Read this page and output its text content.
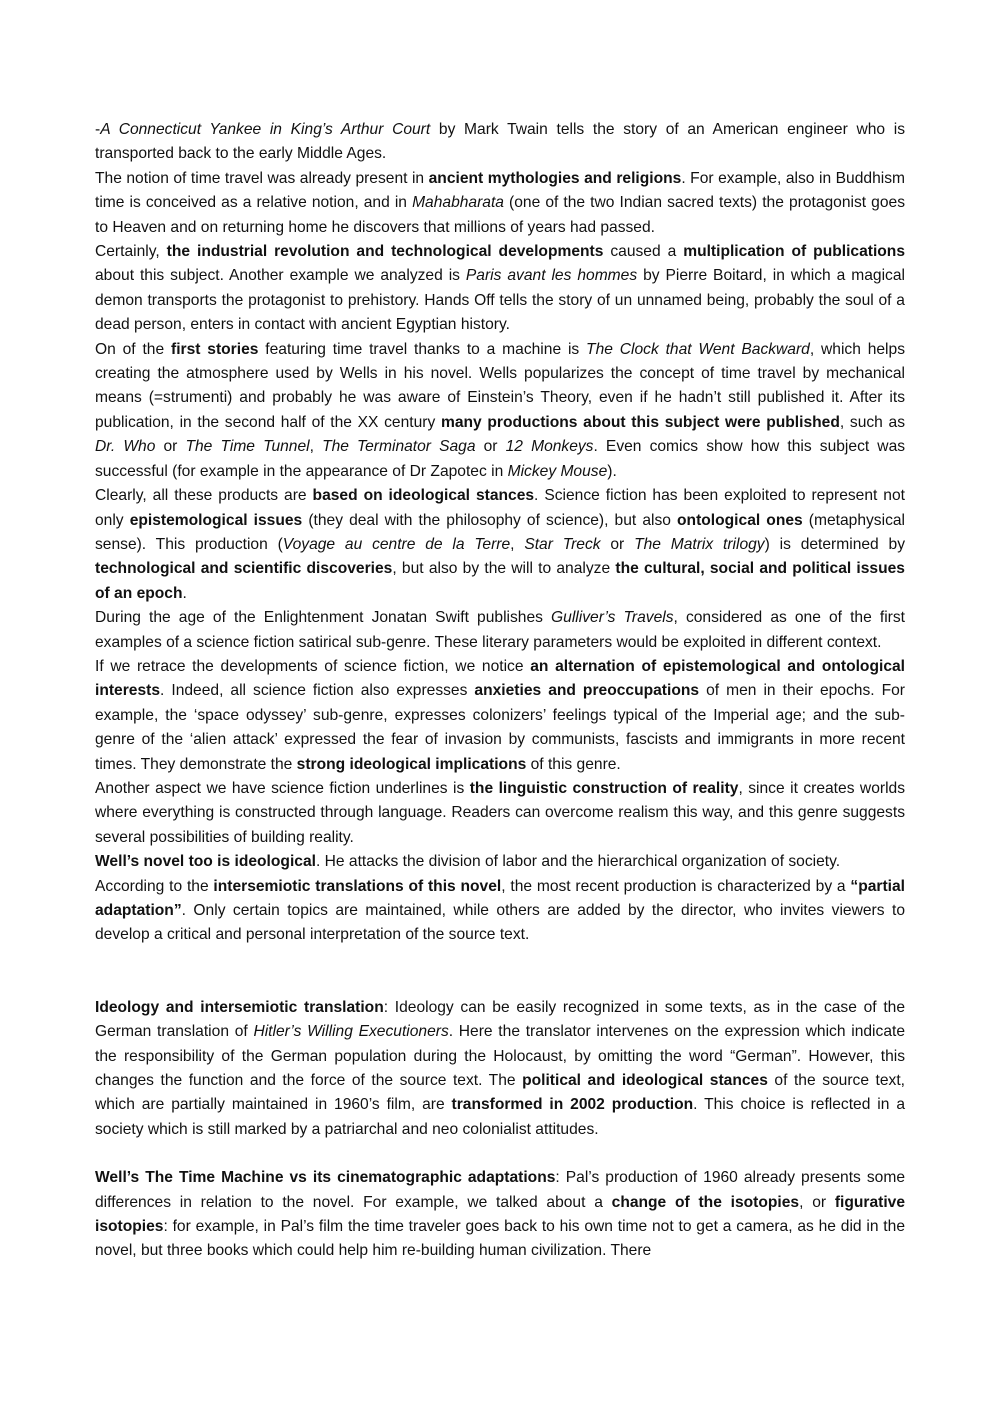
-A Connecticut Yankee in King’s Arthur Court by Mark Twain tells the story of an American engineer who is transported back to the early Middle Ages.

The notion of time travel was already present in ancient mythologies and religions. For example, also in Buddhism time is conceived as a relative notion, and in Mahabharata (one of the two Indian sacred texts) the protagonist goes to Heaven and on returning home he discovers that millions of years had passed.

Certainly, the industrial revolution and technological developments caused a multiplication of publications about this subject. Another example we analyzed is Paris avant les hommes by Pierre Boitard, in which a magical demon transports the protagonist to prehistory. Hands Off tells the story of un unnamed being, probably the soul of a dead person, enters in contact with ancient Egyptian history.

On of the first stories featuring time travel thanks to a machine is The Clock that Went Backward, which helps creating the atmosphere used by Wells in his novel. Wells popularizes the concept of time travel by mechanical means (=strumenti) and probably he was aware of Einstein’s Theory, even if he hadn’t still published it. After its publication, in the second half of the XX century many productions about this subject were published, such as Dr. Who or The Time Tunnel, The Terminator Saga or 12 Monkeys. Even comics show how this subject was successful (for example in the appearance of Dr Zapotec in Mickey Mouse).

Clearly, all these products are based on ideological stances. Science fiction has been exploited to represent not only epistemological issues (they deal with the philosophy of science), but also ontological ones (metaphysical sense). This production (Voyage au centre de la Terre, Star Treck or The Matrix trilogy) is determined by technological and scientific discoveries, but also by the will to analyze the cultural, social and political issues of an epoch.

During the age of the Enlightenment Jonatan Swift publishes Gulliver’s Travels, considered as one of the first examples of a science fiction satirical sub-genre. These literary parameters would be exploited in different context.

If we retrace the developments of science fiction, we notice an alternation of epistemological and ontological interests. Indeed, all science fiction also expresses anxieties and preoccupations of men in their epochs. For example, the ‘space odyssey’ sub-genre, expresses colonizers’ feelings typical of the Imperial age; and the sub-genre of the ‘alien attack’ expressed the fear of invasion by communists, fascists and immigrants in more recent times. They demonstrate the strong ideological implications of this genre.

Another aspect we have science fiction underlines is the linguistic construction of reality, since it creates worlds where everything is constructed through language. Readers can overcome realism this way, and this genre suggests several possibilities of building reality.

Well’s novel too is ideological. He attacks the division of labor and the hierarchical organization of society.

According to the intersemiotic translations of this novel, the most recent production is characterized by a “partial adaptation”. Only certain topics are maintained, while others are added by the director, who invites viewers to develop a critical and personal interpretation of the source text.

Ideology and intersemiotic translation: Ideology can be easily recognized in some texts, as in the case of the German translation of Hitler’s Willing Executioners. Here the translator intervenes on the expression which indicate the responsibility of the German population during the Holocaust, by omitting the word “German”. However, this changes the function and the force of the source text. The political and ideological stances of the source text, which are partially maintained in 1960’s film, are transformed in 2002 production. This choice is reflected in a society which is still marked by a patriarchal and neo colonialist attitudes.

Well’s The Time Machine vs its cinematographic adaptations: Pal’s production of 1960 already presents some differences in relation to the novel. For example, we talked about a change of the isotopies, or figurative isotopies: for example, in Pal’s film the time traveler goes back to his own time not to get a camera, as he did in the novel, but three books which could help him re-building human civilization. There
